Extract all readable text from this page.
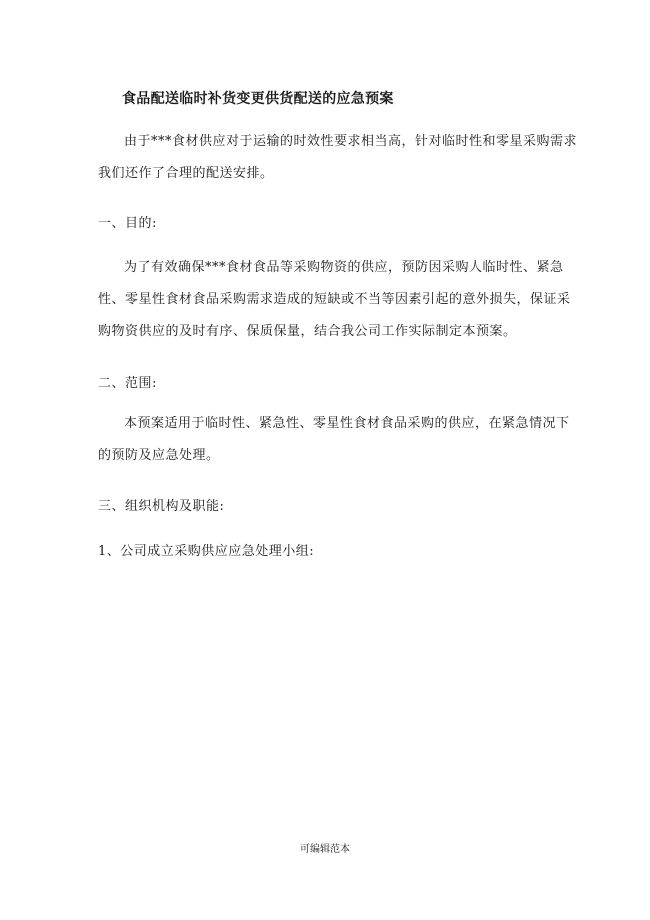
食品配送临时补货变更供货配送的应急预案
由于***食材供应对于运输的时效性要求相当高，针对临时性和零星采购需求我们还作了合理的配送安排。
一、目的:
为了有效确保***食材食品等采购物资的供应，预防因采购人临时性、紧急性、零星性食材食品采购需求造成的短缺或不当等因素引起的意外损失，保证采购物资供应的及时有序、保质保量，结合我公司工作实际制定本预案。
二、范围:
本预案适用于临时性、紧急性、零星性食材食品采购的供应，在紧急情况下的预防及应急处理。
三、组织机构及职能:
1、公司成立采购供应应急处理小组:
可编辑范本
